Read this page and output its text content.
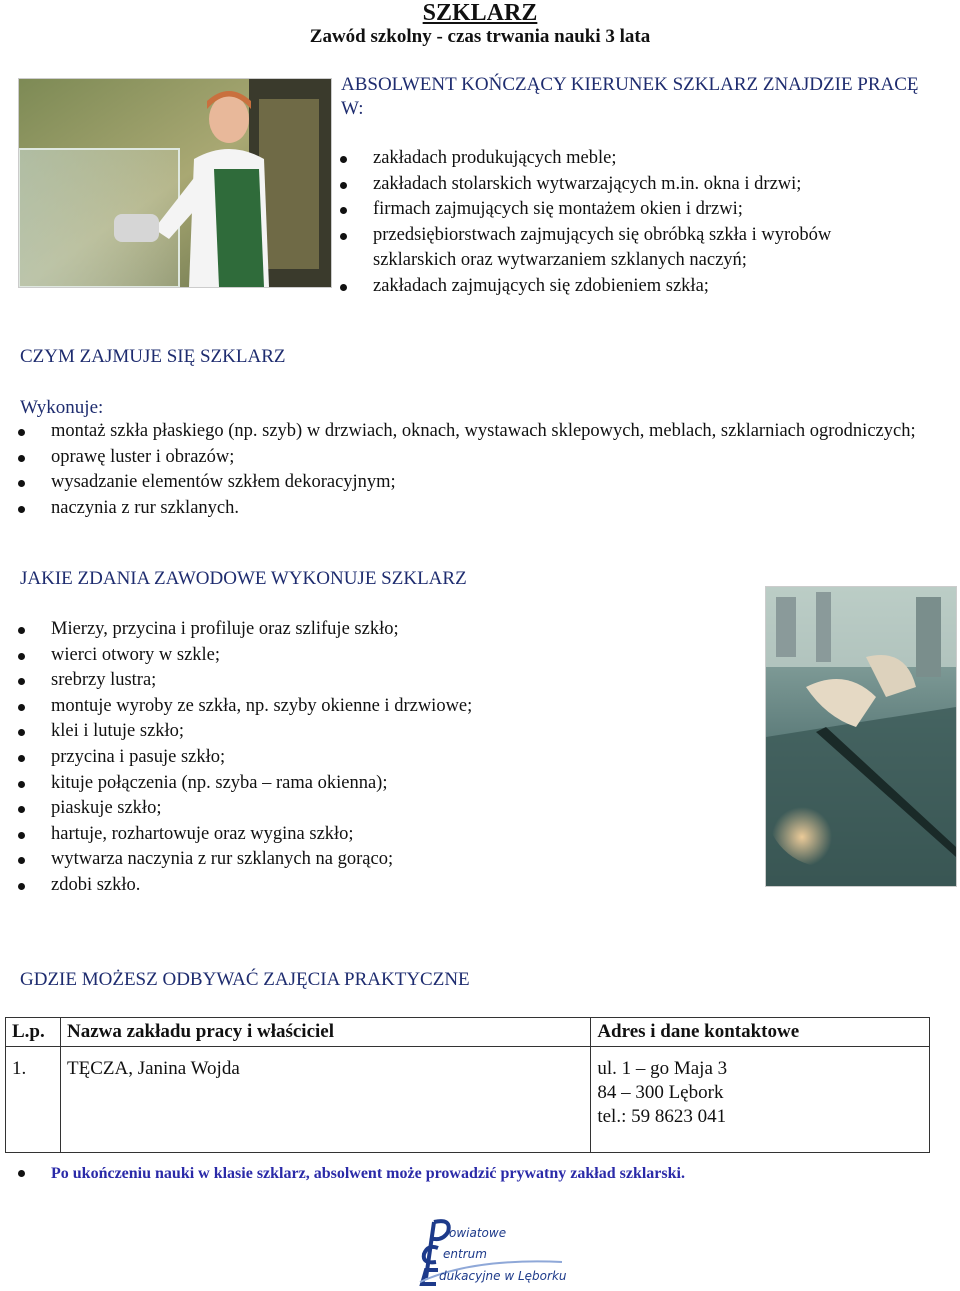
SZKLARZ
Zawód szkolny - czas trwania nauki 3 lata
ABSOLWENT KOŃCZĄCY KIERUNEK SZKLARZ ZNAJDZIE PRACĘ W:
zakładach produkujących meble;
zakładach stolarskich wytwarzających m.in. okna i drzwi;
firmach zajmujących się montażem okien i drzwi;
przedsiębiorstwach zajmujących się obróbką szkła i wyrobów szklarskich oraz wytwarzaniem szklanych naczyń;
zakładach zajmujących się zdobieniem szkła;
CZYM ZAJMUJE SIĘ SZKLARZ
Wykonuje:
montaż szkła płaskiego (np. szyb) w drzwiach, oknach, wystawach sklepowych, meblach, szklarniach ogrodniczych;
oprawę luster i obrazów;
wysadzanie elementów szkłem dekoracyjnym;
naczynia z rur szklanych.
JAKIE ZDANIA ZAWODOWE WYKONUJE SZKLARZ
Mierzy, przycina i profiluje oraz szlifuje szkło;
wierci otwory w szkle;
srebrzy lustra;
montuje wyroby ze szkła, np. szyby okienne i drzwiowe;
klei i lutuje szkło;
przycina i pasuje szkło;
kituje połączenia (np. szyba – rama okienna);
piaskuje szkło;
hartuje, rozhartowuje oraz wygina szkło;
wytwarza naczynia z rur szklanych na gorąco;
zdobi szkło.
GDZIE MOŻESZ ODBYWAĆ ZAJĘCIA PRAKTYCZNE
L.p.	Nazwa zakładu pracy i właściciel	Adres i dane kontaktowe
1.	TĘCZA, Janina Wojda	ul. 1 – go Maja 3
84 – 300 Lębork
tel.: 59 8623 041
Po ukończeniu nauki w klasie szklarz, absolwent może prowadzić prywatny zakład szklarski.
owiatowe
entrum
dukacyjne w Lęborku
